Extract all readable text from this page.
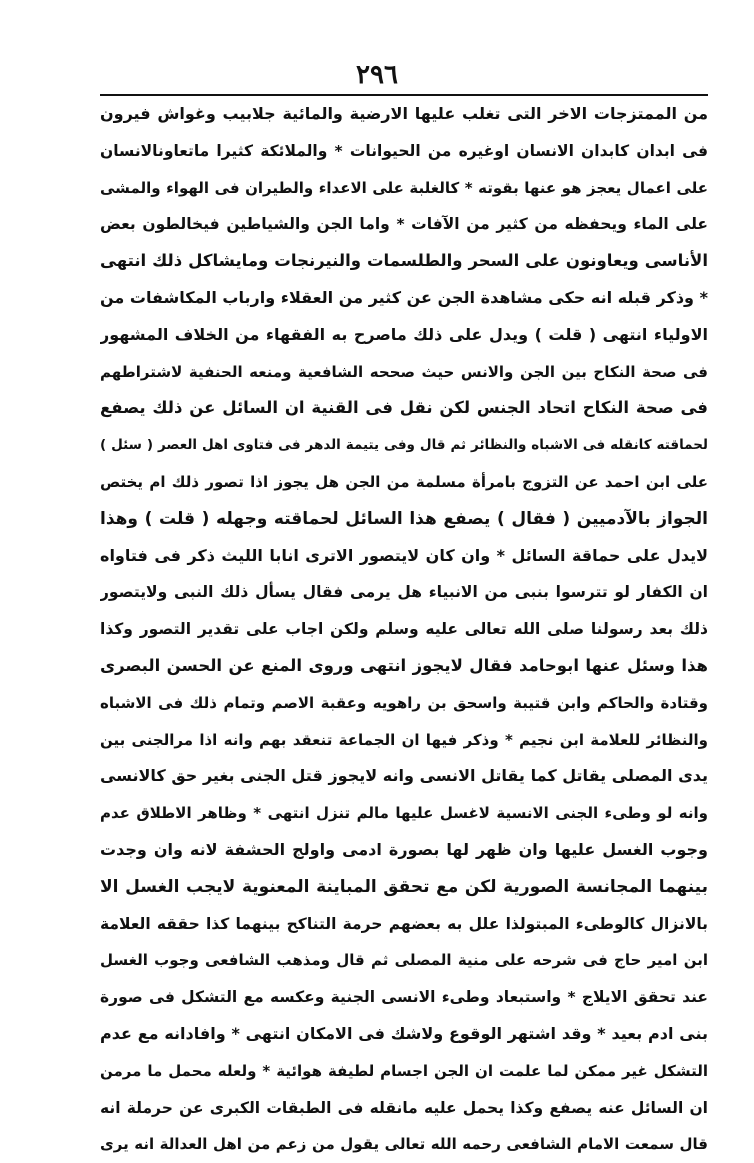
٢٩٦
من الممتزجات الاخر التى تغلب عليها الارضية والمائية جلابيب وغواش فيرون
فى ابدان كابدان الانسان اوغيره من الحيوانات * والملائكة كثيرا ماتعاونالانسان
على اعمال يعجز هو عنها بقوته * كالغلبة على الاعداء والطيران فى الهواء والمشى
على الماء ويحفظه من كثير من الآفات * واما الجن والشياطين فيخالطون بعض
الأناسى ويعاونون على السحر والطلسمات والنيرنجات ومايشاكل ذلك انتهى
* وذكر قبله انه حكى مشاهدة الجن عن كثير من العقلاء وارباب المكاشفات من
الاولياء انتهى ( قلت ) ويدل على ذلك ماصرح به الفقهاء من الخلاف المشهور
فى صحة النكاح بين الجن والانس حيث صححه الشافعية ومنعه الحنفية لاشتراطهم
فى صحة النكاح اتحاد الجنس لكن نقل فى القنية ان السائل عن ذلك يصفع
لحماقته كانقله فى الاشباه والنظائر ثم قال وفى يتيمة الدهر فى فتاوى اهل العصر ( سئل )
على ابن احمد عن التزوج بامرأة مسلمة من الجن هل يجوز اذا تصور ذلك ام يختص
الجواز بالآدميين ( فقال ) يصفع هذا السائل لحماقته وجهله ( قلت ) وهذا
لايدل على حماقة السائل * وان كان لايتصور الاترى انابا الليث ذكر فى فتاواه
ان الكفار لو تترسوا بنبى من الانبياء هل يرمى فقال يسأل ذلك النبى ولايتصور
ذلك بعد رسولنا صلى الله تعالى عليه وسلم ولكن اجاب على تقدير التصور وكذا
هذا وسئل عنها ابوحامد فقال لايجوز انتهى وروى المنع عن الحسن البصرى
وقتادة والحاكم وابن قتيبة واسحق بن راهويه وعقبة الاصم وتمام ذلك فى الاشباه
والنظائر للعلامة ابن نجيم * وذكر فيها ان الجماعة تنعقد بهم وانه اذا مرالجنى بين
يدى المصلى يقاتل كما يقاتل الانسى وانه لايجوز قتل الجنى بغير حق كالانسى
وانه لو وطىء الجنى الانسية لاغسل عليها مالم تنزل انتهى * وظاهر الاطلاق عدم
وجوب الغسل عليها وان ظهر لها بصورة ادمى واولج الحشفة لانه وان وجدت
بينهما المجانسة الصورية لكن مع تحقق المباينة المعنوية لايجب الغسل الا
بالانزال كالوطىء المبتولذا علل به بعضهم حرمة التناكح بينهما كذا حققه العلامة
ابن امير حاج فى شرحه على منية المصلى ثم قال ومذهب الشافعى وجوب الغسل
عند تحقق الايلاج * واستبعاد وطىء الانسى الجنية وعكسه مع التشكل فى صورة
بنى ادم بعيد * وقد اشتهر الوقوع ولاشك فى الامكان انتهى * وافادانه مع عدم
التشكل غير ممكن لما علمت ان الجن اجسام لطيفة هوائية * ولعله محمل ما مرمن
ان السائل عنه يصفع وكذا يحمل عليه مانقله فى الطبقات الكبرى عن حرملة انه
قال سمعت الامام الشافعى رحمه الله تعالى يقول من زعم من اهل العدالة انه يرى
